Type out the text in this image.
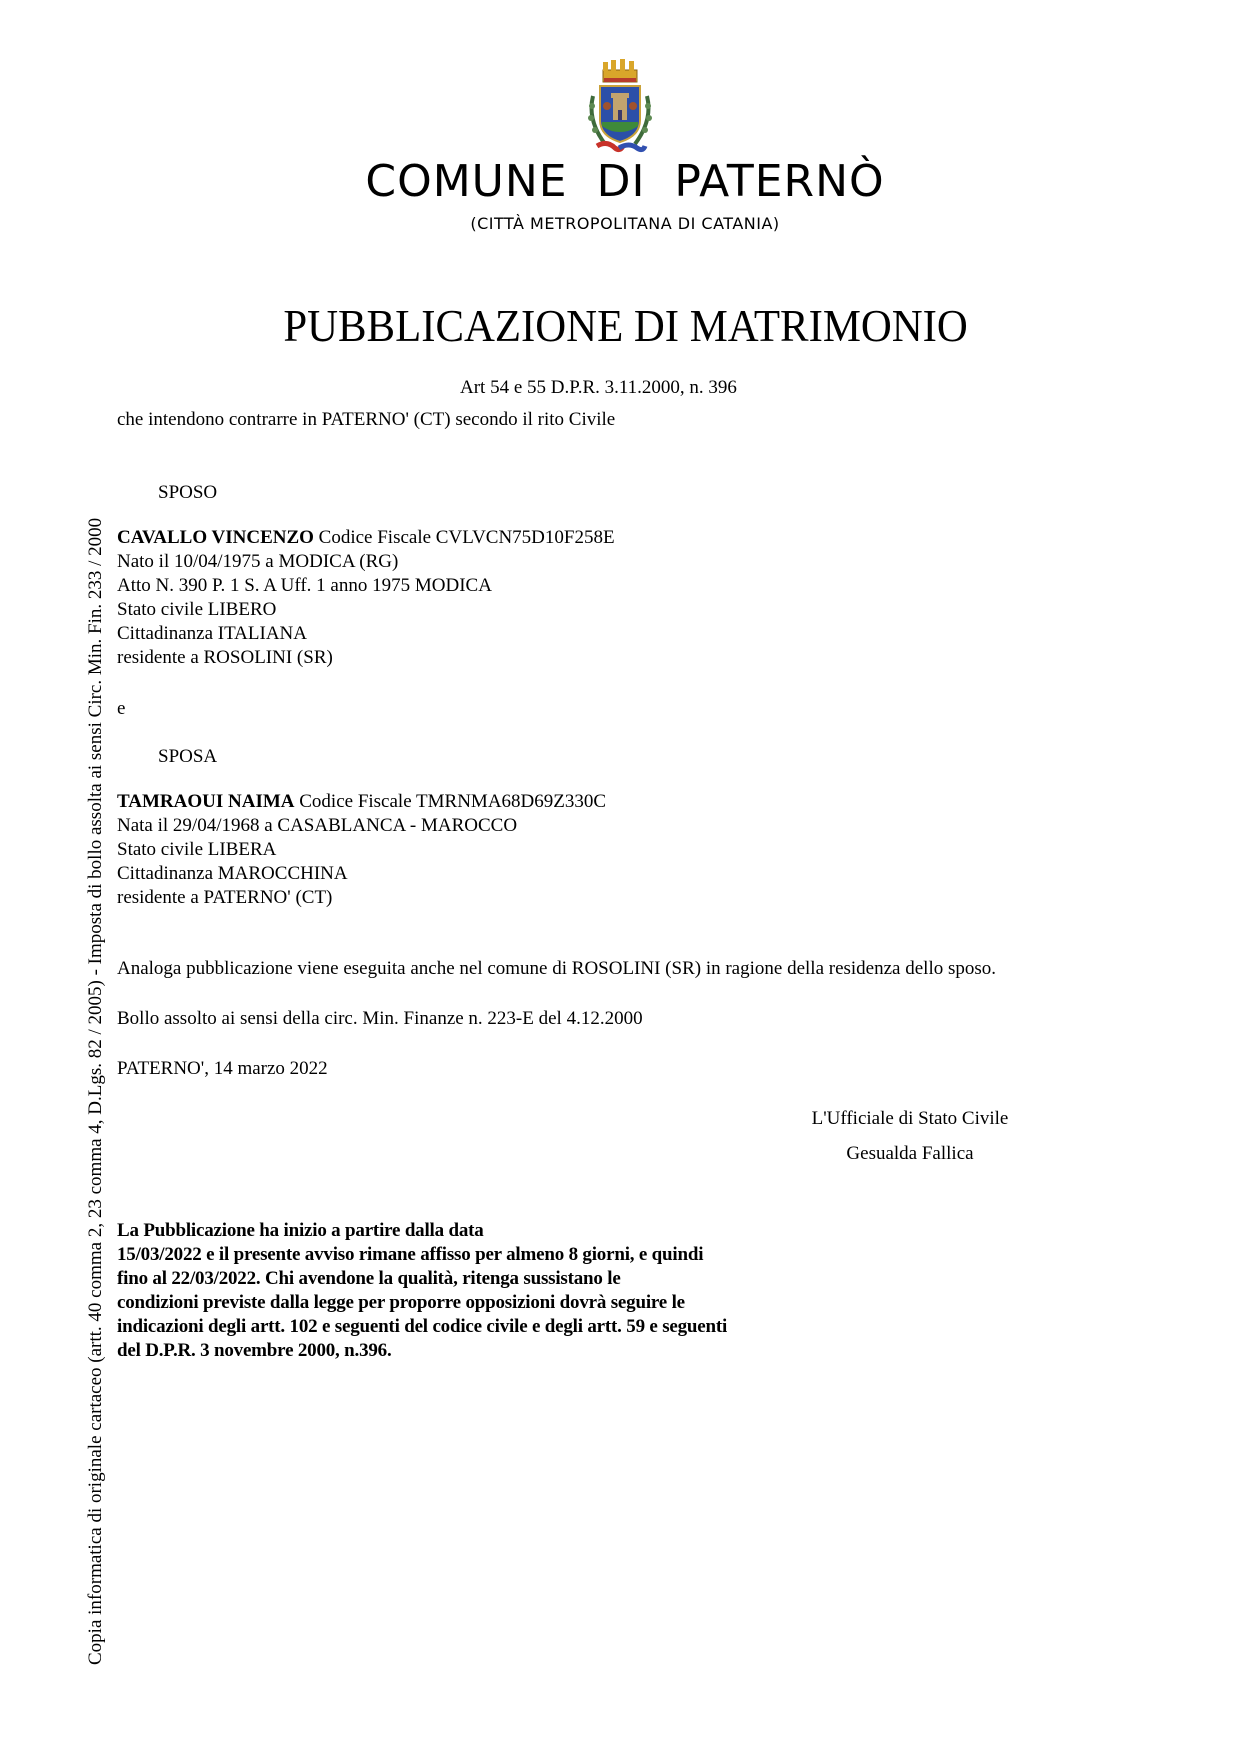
COMUNE DI PATERNÒ
(CITTÀ METROPOLITANA DI CATANIA)
PUBBLICAZIONE DI MATRIMONIO
Art 54 e 55 D.P.R. 3.11.2000, n. 396
che intendono contrarre in PATERNO' (CT) secondo il rito Civile
SPOSO
CAVALLO VINCENZO Codice Fiscale CVLVCN75D10F258E
Nato il 10/04/1975 a MODICA (RG)
Atto N. 390 P. 1 S. A Uff. 1 anno 1975 MODICA
Stato civile LIBERO
Cittadinanza ITALIANA
residente a ROSOLINI (SR)
e
SPOSA
TAMRAOUI NAIMA Codice Fiscale TMRNMA68D69Z330C
Nata il 29/04/1968 a CASABLANCA - MAROCCO
Stato civile LIBERA
Cittadinanza MAROCCHINA
residente a PATERNO' (CT)
Analoga pubblicazione viene eseguita anche nel comune di ROSOLINI (SR) in ragione della residenza dello sposo.
Bollo assolto ai sensi della circ. Min. Finanze n. 223-E del 4.12.2000
PATERNO', 14 marzo 2022
L'Ufficiale di Stato Civile
Gesualda Fallica
La Pubblicazione ha inizio a partire dalla data
15/03/2022 e il presente avviso rimane affisso per almeno 8 giorni, e quindi
fino al 22/03/2022. Chi avendone la qualità, ritenga sussistano le
condizioni previste dalla legge per proporre opposizioni dovrà seguire le
indicazioni degli artt. 102 e seguenti del codice civile e degli artt. 59 e seguenti
del D.P.R. 3 novembre 2000, n.396.
Copia informatica di originale cartaceo (artt. 40 comma 2, 23 comma 4, D.Lgs. 82 / 2005) - Imposta di bollo assolta ai sensi Circ. Min. Fin. 233 / 2000
